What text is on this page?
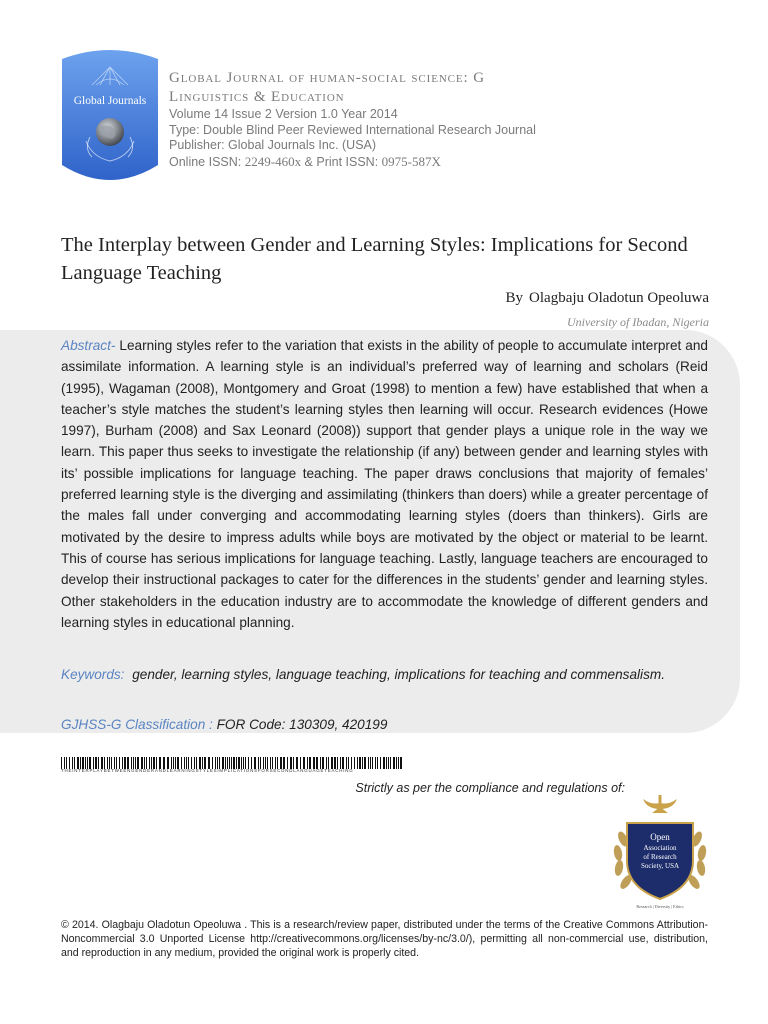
Global Journals
Global Journal of human-social science: G
Linguistics & Education
Volume 14 Issue 2 Version 1.0 Year 2014
Type: Double Blind Peer Reviewed International Research Journal
Publisher: Global Journals Inc. (USA)
Online ISSN: 2249-460x & Print ISSN: 0975-587X
The Interplay between Gender and Learning Styles: Implications for Second Language Teaching
By Olagbaju Oladotun Opeoluwa
University of Ibadan, Nigeria
Abstract- Learning styles refer to the variation that exists in the ability of people to accumulate interpret and assimilate information. A learning style is an individual’s preferred way of learning and scholars (Reid (1995), Wagaman (2008), Montgomery and Groat (1998) to mention a few) have established that when a teacher’s style matches the student’s learning styles then learning will occur. Research evidences (Howe 1997), Burham (2008) and Sax Leonard (2008)) support that gender plays a unique role in the way we learn. This paper thus seeks to investigate the relationship (if any) between gender and learning styles with its’ possible implications for language teaching. The paper draws conclusions that majority of females’ preferred learning style is the diverging and assimilating (thinkers than doers) while a greater percentage of the males fall under converging and accommodating learning styles (doers than thinkers). Girls are motivated by the desire to impress adults while boys are motivated by the object or material to be learnt. This of course has serious implications for language teaching. Lastly, language teachers are encouraged to develop their instructional packages to cater for the differences in the students’ gender and learning styles. Other stakeholders in the education industry are to accommodate the knowledge of different genders and learning styles in educational planning.
Keywords: gender, learning styles, language teaching, implications for teaching and commensalism.
GJHSS-G Classification : FOR Code: 130309, 420199
THEINTERPLAYBETWEENGENDERANDLEARNINGSTYLESIMPLICATIONSFORSECONDLANGUAGETEACHING
Strictly as per the compliance and regulations of:
Open
Association
of Research
Society, USA
Research | Diversity | Ethics
© 2014. Olagbaju Oladotun Opeoluwa . This is a research/review paper, distributed under the terms of the Creative Commons Attribution-Noncommercial 3.0 Unported License http://creativecommons.org/licenses/by-nc/3.0/), permitting all non-commercial use, distribution, and reproduction in any medium, provided the original work is properly cited.
